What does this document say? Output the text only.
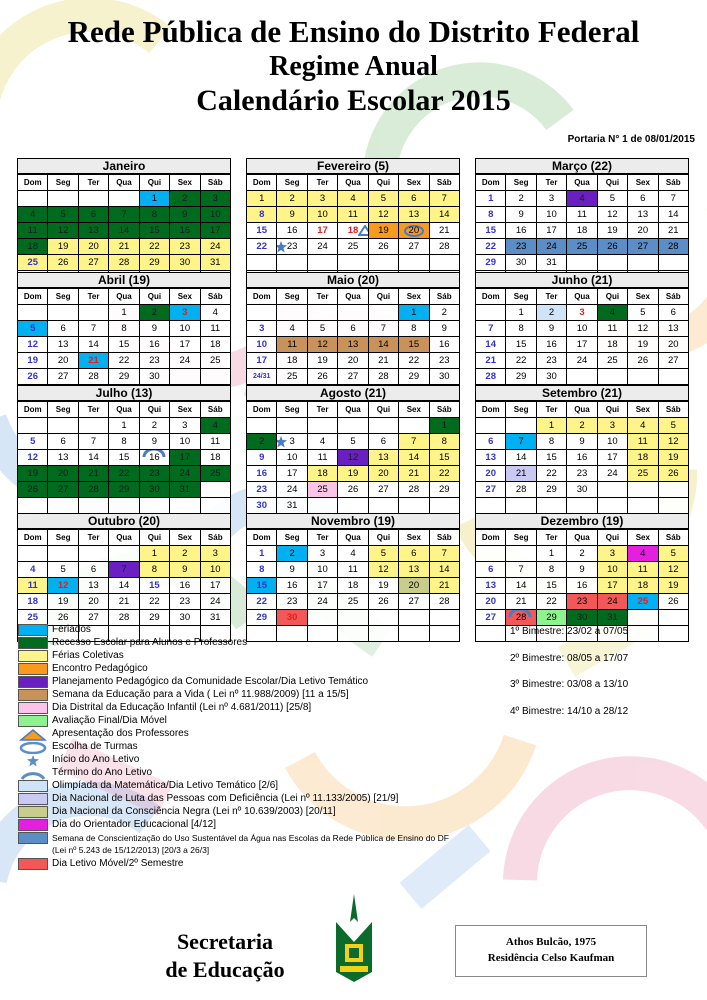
Rede Pública de Ensino do Distrito Federal
Regime Anual
Calendário Escolar 2015
Portaria N° 1 de 08/01/2015
Janeiro
Dom	Seg	Ter	Qua	Qui	Sex	Sáb
				1	2	3
4	5	6	7	8	9	10
11	12	13	14	15	16	17
18	19	20	21	22	23	24
25	26	27	28	29	30	31

Fevereiro (5)
Dom	Seg	Ter	Qua	Qui	Sex	Sáb
1	2	3	4	5	6	7
8	9	10	11	12	13	14
15	16	17	18	19	20	21
22	23	24	25	26	27	28

Março (22)
Dom	Seg	Ter	Qua	Qui	Sex	Sáb
1	2	3	4	5	6	7
8	9	10	11	12	13	14
15	16	17	18	19	20	21
22	23	24	25	26	27	28
29	30	31				

Abril (19)
Dom	Seg	Ter	Qua	Qui	Sex	Sáb
			1	2	3	4
5	6	7	8	9	10	11
12	13	14	15	16	17	18
19	20	21	22	23	24	25
26	27	28	29	30		

Maio (20)
Dom	Seg	Ter	Qua	Qui	Sex	Sáb
					1	2
3	4	5	6	7	8	9
10	11	12	13	14	15	16
17	18	19	20	21	22	23
24/31	25	26	27	28	29	30

Junho (21)
Dom	Seg	Ter	Qua	Qui	Sex	Sáb
	1	2	3	4	5	6
7	8	9	10	11	12	13
14	15	16	17	18	19	20
21	22	23	24	25	26	27
28	29	30				

Julho (13)
Dom	Seg	Ter	Qua	Qui	Sex	Sáb
			1	2	3	4
5	6	7	8	9	10	11
12	13	14	15	16	17	18
19	20	21	22	23	24	25
26	27	28	29	30	31	

Agosto (21)
Dom	Seg	Ter	Qua	Qui	Sex	Sáb
						1
2	3	4	5	6	7	8
9	10	11	12	13	14	15
16	17	18	19	20	21	22
23	24	25	26	27	28	29
30	31					
Setembro (21)
Dom	Seg	Ter	Qua	Qui	Sex	Sáb
		1	2	3	4	5
6	7	8	9	10	11	12
13	14	15	16	17	18	19
20	21	22	23	24	25	26
27	28	29	30			

Outubro (20)
Dom	Seg	Ter	Qua	Qui	Sex	Sáb
				1	2	3
4	5	6	7	8	9	10
11	12	13	14	15	16	17
18	19	20	21	22	23	24
25	26	27	28	29	30	31

Novembro (19)
Dom	Seg	Ter	Qua	Qui	Sex	Sáb
1	2	3	4	5	6	7
8	9	10	11	12	13	14
15	16	17	18	19	20	21
22	23	24	25	26	27	28
29	30					

Dezembro (19)
Dom	Seg	Ter	Qua	Qui	Sex	Sáb
		1	2	3	4	5
6	7	8	9	10	11	12
13	14	15	16	17	18	19
20	21	22	23	24	25	26
27	28	29	30	31		

Feriados
Recesso Escolar para Alunos e Professores
Férias Coletivas
Encontro Pedagógico
Planejamento Pedagógico da Comunidade Escolar/Dia Letivo Temático
Semana da Educação para a Vida ( Lei nº 11.988/2009) [11 a 15/5]
Dia Distrital da Educação Infantil (Lei nº 4.681/2011) [25/8]
Avaliação Final/Dia Móvel
Apresentação dos Professores
Escolha de Turmas
Início do Ano Letivo
Término do Ano Letivo
Olimpíada da Matemática/Dia Letivo Temático [2/6]
Dia Nacional de Luta das Pessoas com Deficiência (Lei nº 11.133/2005) [21/9]
Dia Nacional da Consciência Negra (Lei nº 10.639/2003) [20/11]
Dia do Orientador Educacional [4/12]
Semana de Conscientização do Uso Sustentável da Água nas Escolas da Rede Pública de Ensino do DF
(Lei nº 5.243 de 15/12/2013) [20/3 a 26/3]
Dia Letivo Móvel/2º Semestre
1º Bimestre: 23/02 a 07/05
2º Bimestre: 08/05 a 17/07
3º Bimestre: 03/08 a 13/10
4º Bimestre: 14/10 a 28/12
Secretaria
de Educação
Athos Bulcão, 1975
Residência Celso Kaufman
